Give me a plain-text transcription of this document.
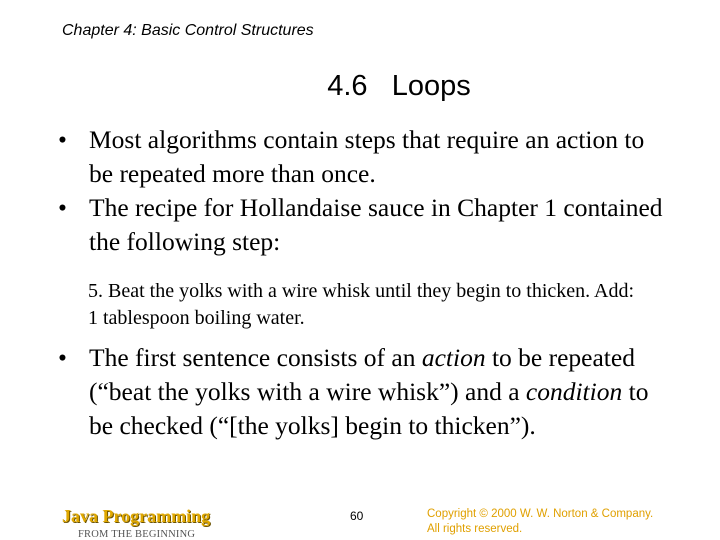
Chapter 4: Basic Control Structures
4.6   Loops
• Most algorithms contain steps that require an action to be repeated more than once.
• The recipe for Hollandaise sauce in Chapter 1 contained the following step:
5. Beat the yolks with a wire whisk until they begin to thicken. Add: 1 tablespoon boiling water.
• The first sentence consists of an action to be repeated (“beat the yolks with a wire whisk”) and a condition to be checked (“[the yolks] begin to thicken”).
Java Programming
FROM THE BEGINNING
60	Copyright © 2000 W. W. Norton & Company.
All rights reserved.
